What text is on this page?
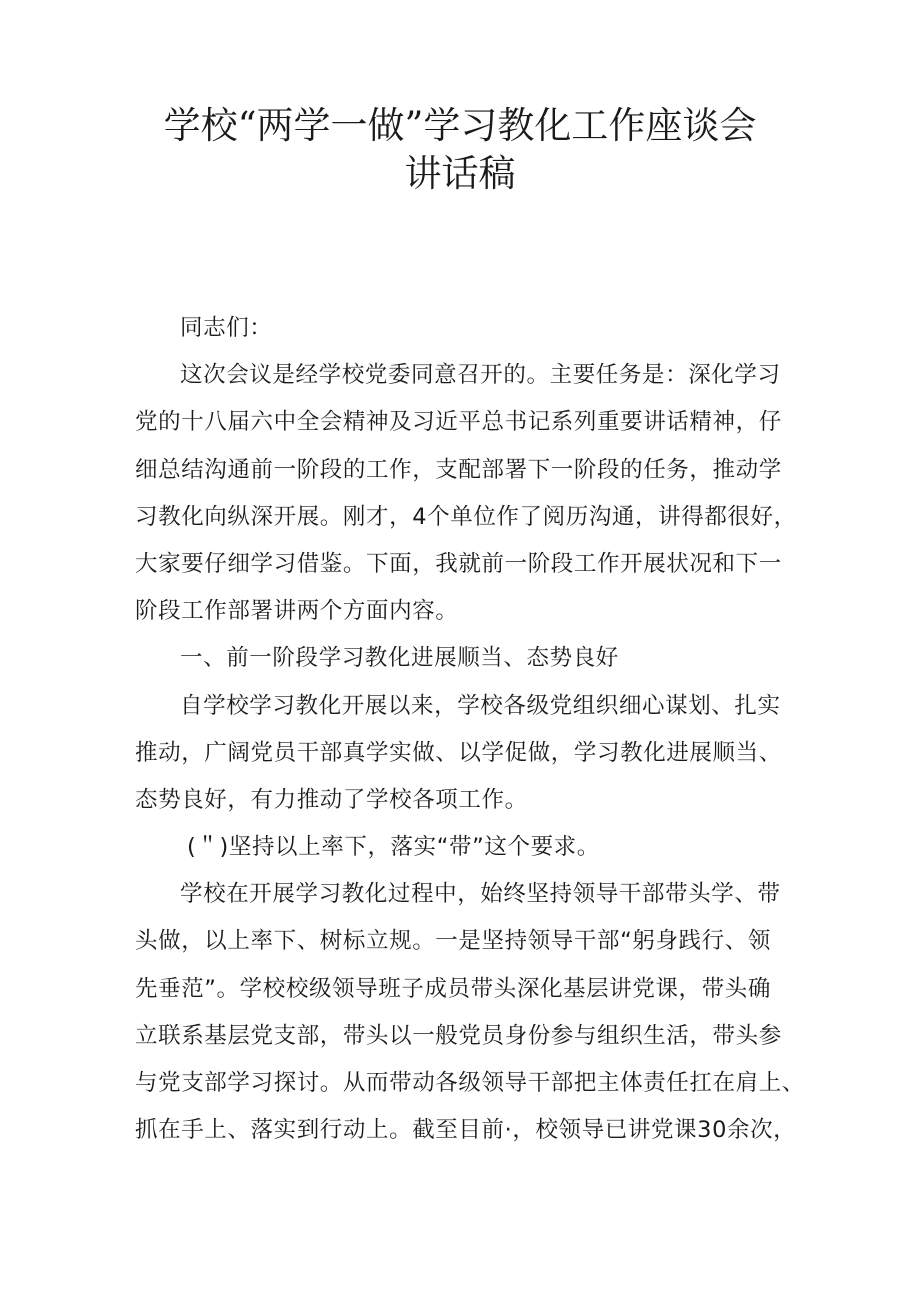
学校“两学一做”学习教化工作座谈会
讲话稿
同志们：
这次会议是经学校党委同意召开的。主要任务是：深化学习
党的十八届六中全会精神及习近平总书记系列重要讲话精神，仔
细总结沟通前一阶段的工作，支配部署下一阶段的任务，推动学
习教化向纵深开展。刚才，4个单位作了阅历沟通，讲得都很好，
大家要仔细学习借鉴。下面，我就前一阶段工作开展状况和下一
阶段工作部署讲两个方面内容。
一、前一阶段学习教化进展顺当、态势良好
自学校学习教化开展以来，学校各级党组织细心谋划、扎实
推动，广阔党员干部真学实做、以学促做，学习教化进展顺当、
态势良好，有力推动了学校各项工作。
(＂)坚持以上率下，落实“带”这个要求。
学校在开展学习教化过程中，始终坚持领导干部带头学、带
头做，以上率下、树标立规。一是坚持领导干部“躬身践行、领
先垂范”。学校校级领导班子成员带头深化基层讲党课，带头确
立联系基层党支部，带头以一般党员身份参与组织生活，带头参
与党支部学习探讨。从而带动各级领导干部把主体责任扛在肩上、
抓在手上、落实到行动上。截至目前·，校领导已讲党课30余次，
